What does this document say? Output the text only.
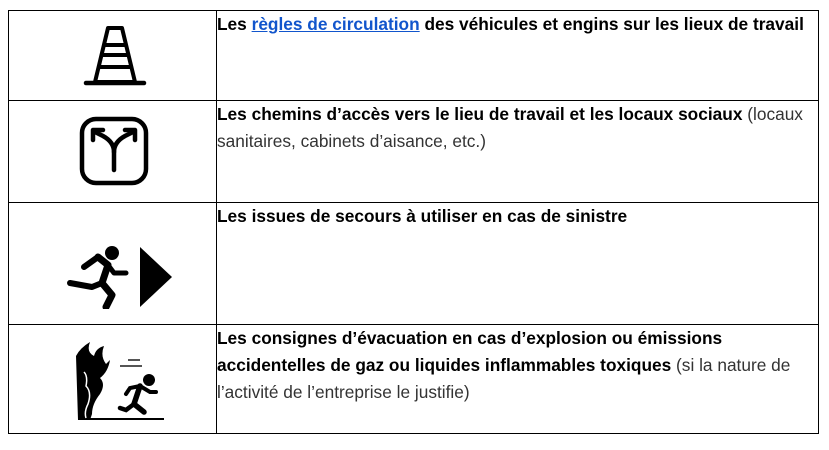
Les règles de circulation des véhicules et engins sur les lieux de travail

Les chemins d’accès vers le lieu de travail et les locaux sociaux (locaux sanitaires, cabinets d’aisance, etc.)

Les issues de secours à utiliser en cas de sinistre

Les consignes d’évacuation en cas d’explosion ou émissions accidentelles de gaz ou liquides inflammables toxiques (si la nature de l’activité de l’entreprise le justifie)
